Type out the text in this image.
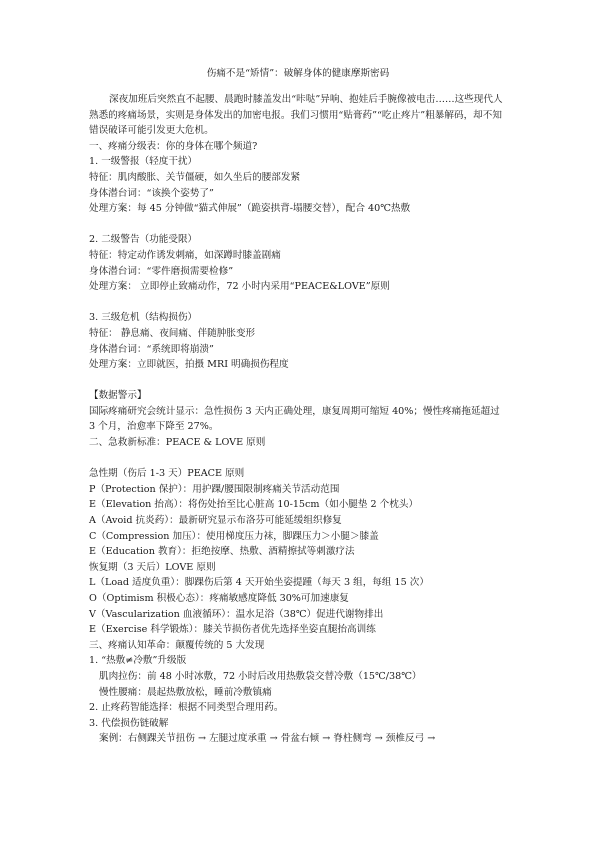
伤痛不是“矫情”：破解身体的健康摩斯密码

深夜加班后突然直不起腰、晨跑时膝盖发出“咔哒”异响、抱娃后手腕像被电击……这些现代人熟悉的疼痛场景，实则是身体发出的加密电报。我们习惯用“贴膏药”“吃止疼片”粗暴解码，却不知错误破译可能引发更大危机。

一、疼痛分级表：你的身体在哪个频道?
1. 一级警报（轻度干扰）
特征：肌肉酸胀、关节僵硬，如久坐后的腰部发紧
身体潜台词：“该换个姿势了”
处理方案：每 45 分钟做“猫式伸展”（跪姿拱背-塌腰交替），配合 40℃热敷
2. 二级警告（功能受限）
特征：特定动作诱发刺痛，如深蹲时膝盖剧痛
身体潜台词：“零件磨损需要检修”
处理方案： 立即停止致痛动作，72 小时内采用“PEACE&LOVE”原则
3. 三级危机（结构损伤）
特征： 静息痛、夜间痛、伴随肿胀变形
身体潜台词：“系统即将崩溃”
处理方案：立即就医，拍摄 MRI 明确损伤程度
【数据警示】
国际疼痛研究会统计显示：急性损伤 3 天内正确处理，康复周期可缩短 40%；慢性疼痛拖延超过 3 个月，治愈率下降至 27%。
二、急救新标准：PEACE & LOVE 原则
急性期（伤后 1-3 天）PEACE 原则
P（Protection 保护）：用护踝/腰围限制疼痛关节活动范围
E（Elevation 抬高）：将伤处抬至比心脏高 10-15cm（如小腿垫 2 个枕头）
A（Avoid 抗炎药）：最新研究显示布洛芬可能延缓组织修复
C（Compression 加压）：使用梯度压力袜，脚踝压力＞小腿＞膝盖
E（Education 教育）：拒绝按摩、热敷、酒精擦拭等刺激疗法
恢复期（3 天后）LOVE 原则
L（Load 适度负重）：脚踝伤后第 4 天开始坐姿提踵（每天 3 组，每组 15 次）
O（Optimism 积极心态）：疼痛敏感度降低 30%可加速康复
V（Vascularization 血液循环）：温水足浴（38℃）促进代谢物排出
E（Exercise 科学锻炼）：膝关节损伤者优先选择坐姿直腿抬高训练
三、疼痛认知革命：颠覆传统的 5 大发现
1. “热敷≠冷敷”升级版
肌肉拉伤：前 48 小时冰敷，72 小时后改用热敷袋交替冷敷（15℃/38℃）
慢性腰痛：晨起热敷放松，睡前冷敷镇痛
2. 止疼药智能选择：根据不同类型合理用药。
3. 代偿损伤链破解
案例：右侧踝关节扭伤 → 左腿过度承重 → 骨盆右倾 → 脊柱侧弯 → 颈椎反弓 →
